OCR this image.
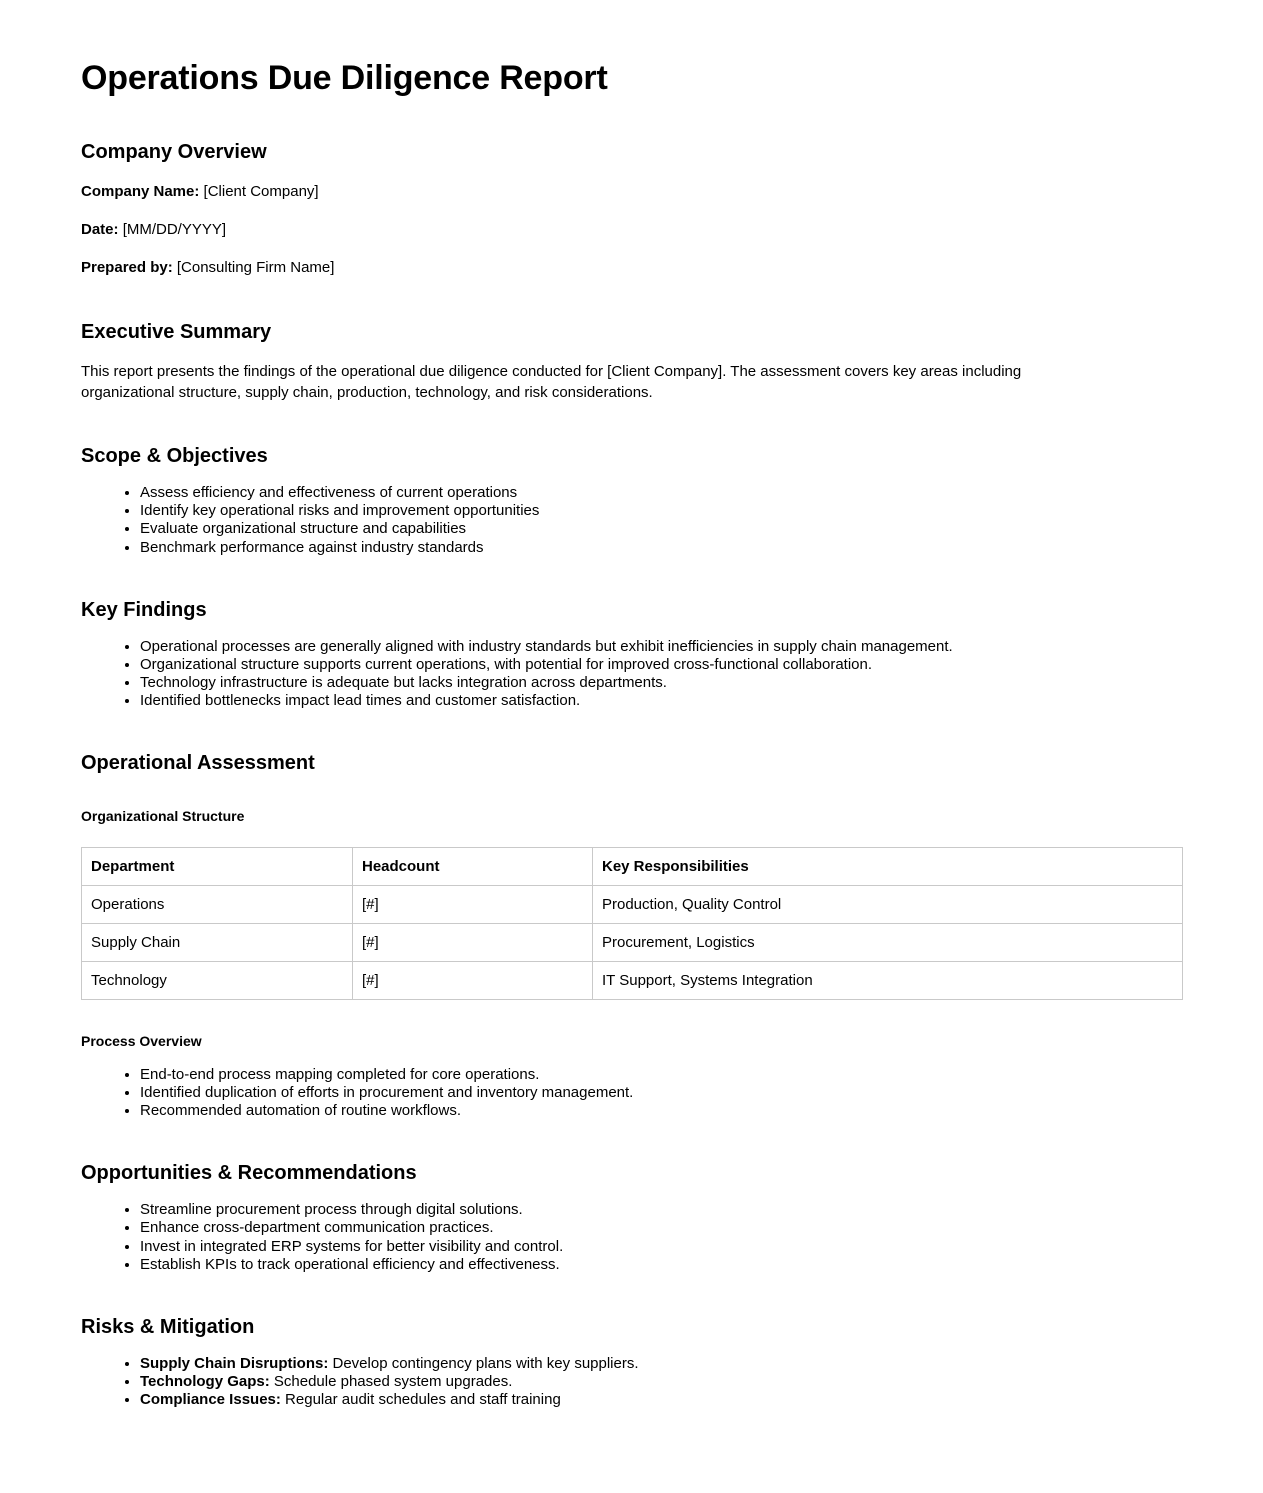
Operations Due Diligence Report
Company Overview

Company Name: [Client Company]

Date: [MM/DD/YYYY]

Prepared by: [Consulting Firm Name]

Executive Summary

This report presents the findings of the operational due diligence conducted for [Client Company]. The assessment covers key areas including organizational structure, supply chain, production, technology, and risk considerations.

Scope & Objectives
• Assess efficiency and effectiveness of current operations
• Identify key operational risks and improvement opportunities
• Evaluate organizational structure and capabilities
• Benchmark performance against industry standards
Key Findings
• Operational processes are generally aligned with industry standards but exhibit inefficiencies in supply chain management.
• Organizational structure supports current operations, with potential for improved cross-functional collaboration.
• Technology infrastructure is adequate but lacks integration across departments.
• Identified bottlenecks impact lead times and customer satisfaction.
Operational Assessment
Organizational Structure
Department	Headcount	Key Responsibilities
Operations	[#]	Production, Quality Control
Supply Chain	[#]	Procurement, Logistics
Technology	[#]	IT Support, Systems Integration
Process Overview
• End-to-end process mapping completed for core operations.
• Identified duplication of efforts in procurement and inventory management.
• Recommended automation of routine workflows.
Opportunities & Recommendations
• Streamline procurement process through digital solutions.
• Enhance cross-department communication practices.
• Invest in integrated ERP systems for better visibility and control.
• Establish KPIs to track operational efficiency and effectiveness.
Risks & Mitigation
• Supply Chain Disruptions: Develop contingency plans with key suppliers.
• Technology Gaps: Schedule phased system upgrades.
• Compliance Issues: Regular audit schedules and staff training
